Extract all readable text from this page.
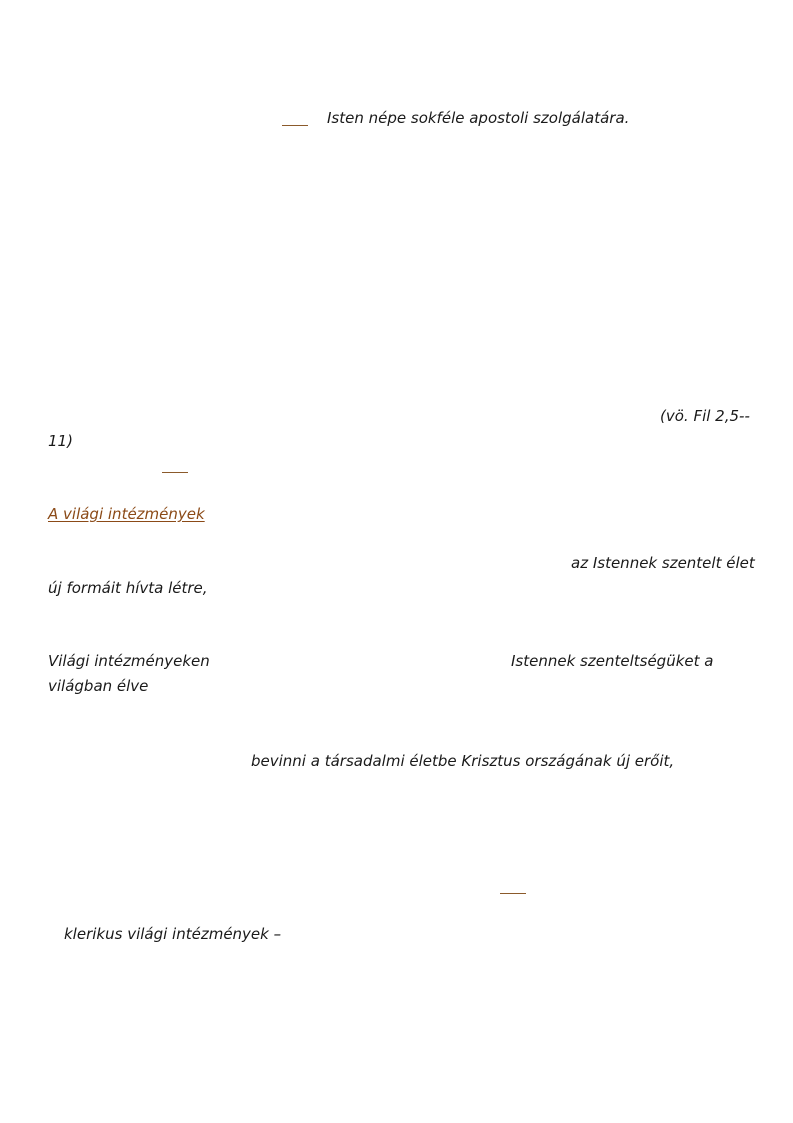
Isten népe sokféle apostoli szolgálatára.
(vö. Fil 2,5--
11)
A világi intézmények
az Istennek szentelt élet
új formáit hívta létre,
Világi intézményeken	Istennek szenteltségüket a
világban élve
bevinni a társadalmi életbe Krisztus országának új erőit,
klerikus világi intézmények –
